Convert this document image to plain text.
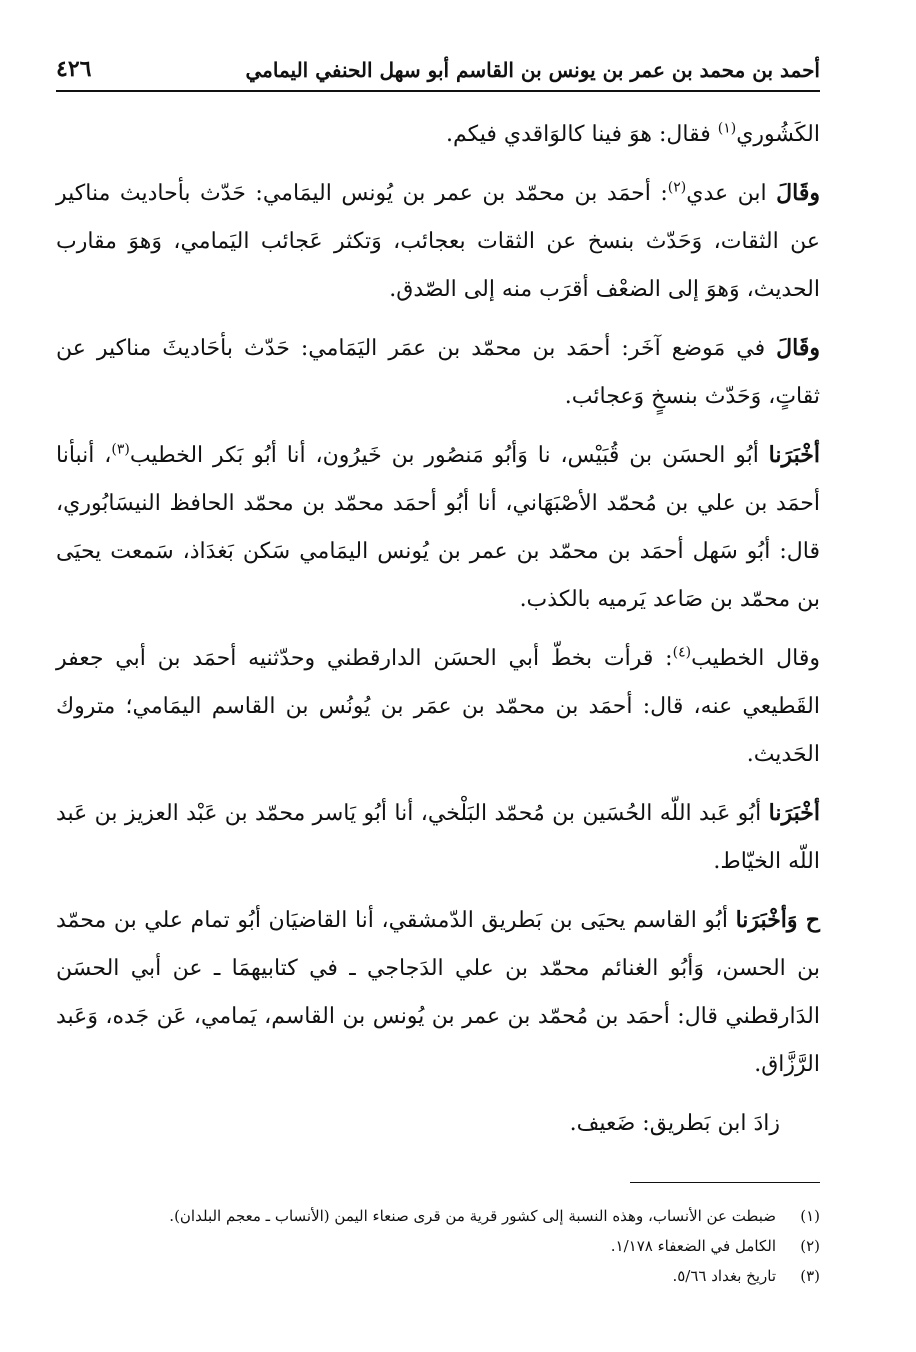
أحمد بن محمد بن عمر بن يونس بن القاسم أبو سهل الحنفي اليمامي
٤٢٦

الكَشُوري$^{(١)}$ فقال: هوَ فينا كالوَاقدي فيكم.

وقَالَ ابن عدي$^{(٢)}$: أحمَد بن محمّد بن عمر بن يُونس اليمَامي: حَدّث بأحاديث مناكير عن الثقات، وَحَدّث بنسخ عن الثقات بعجائب، وَتكثر عَجائب اليَمامي، وَهوَ مقارب الحديث، وَهوَ إلى الضعْف أقرَب منه إلى الصّدق.

وقَالَ في مَوضع آخَر: أحمَد بن محمّد بن عمَر اليَمَامي: حَدّث بأحَاديثَ مناكير عن ثقاتٍ، وَحَدّث بنسخٍ وَعجائب.

أخْبَرَنا أبُو الحسَن بن قُبَيْس، نا وَأبُو مَنصُور بن خَيرُون، أنا أبُو بَكر الخطيب$^{(٣)}$، أنبأنا أحمَد بن علي بن مُحمّد الأصْبَهَاني، أنا أبُو أحمَد محمّد بن محمّد الحافظ النيسَابُوري، قال: أبُو سَهل أحمَد بن محمّد بن عمر بن يُونس اليمَامي سَكن بَغدَاذ، سَمعت يحيَى بن محمّد بن صَاعد يَرميه بالكذب.

وقال الخطيب$^{(٤)}$: قرأت بخطّ أبي الحسَن الدارقطني وحدّثنيه أحمَد بن أبي جعفر القَطيعي عنه، قال: أحمَد بن محمّد بن عمَر بن يُونُس بن القاسم اليمَامي؛ متروك الحَديث.

أخْبَرَنا أبُو عَبد اللّه الحُسَين بن مُحمّد البَلْخي، أنا أبُو يَاسر محمّد بن عَبْد العزيز بن عَبد اللّه الخيّاط.

ح وَأخْبَرَنا أبُو القاسم يحيَى بن بَطريق الدّمشقي، أنا القاضيَان أبُو تمام علي بن محمّد بن الحسن، وَأبُو الغنائم محمّد بن علي الدَجاجي ـ في كتابيهمَا ـ عن أبي الحسَن الدَارقطني قال: أحمَد بن مُحمّد بن عمر بن يُونس بن القاسم، يَمامي، عَن جَده، وَعَبد الرَّزَّاق.

زادَ ابن بَطريق: ضَعيف.

(١)
ضبطت عن الأنساب، وهذه النسبة إلى كشور قرية من قرى صنعاء اليمن (الأنساب ـ معجم البلدان).
(٢)
الكامل في الضعفاء ١/١٧٨.
(٣)
تاريخ بغداد ٥/٦٦.
